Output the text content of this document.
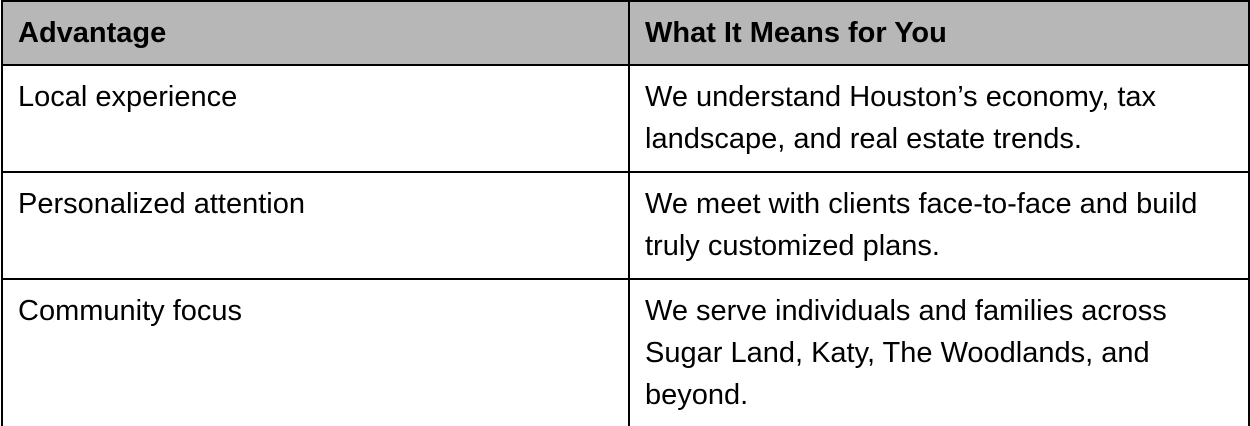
Advantage	What It Means for You
Local experience	We understand Houston’s economy, tax landscape, and real estate trends.
Personalized attention	We meet with clients face-to-face and build truly customized plans.
Community focus	We serve individuals and families across Sugar Land, Katy, The Woodlands, and beyond.
